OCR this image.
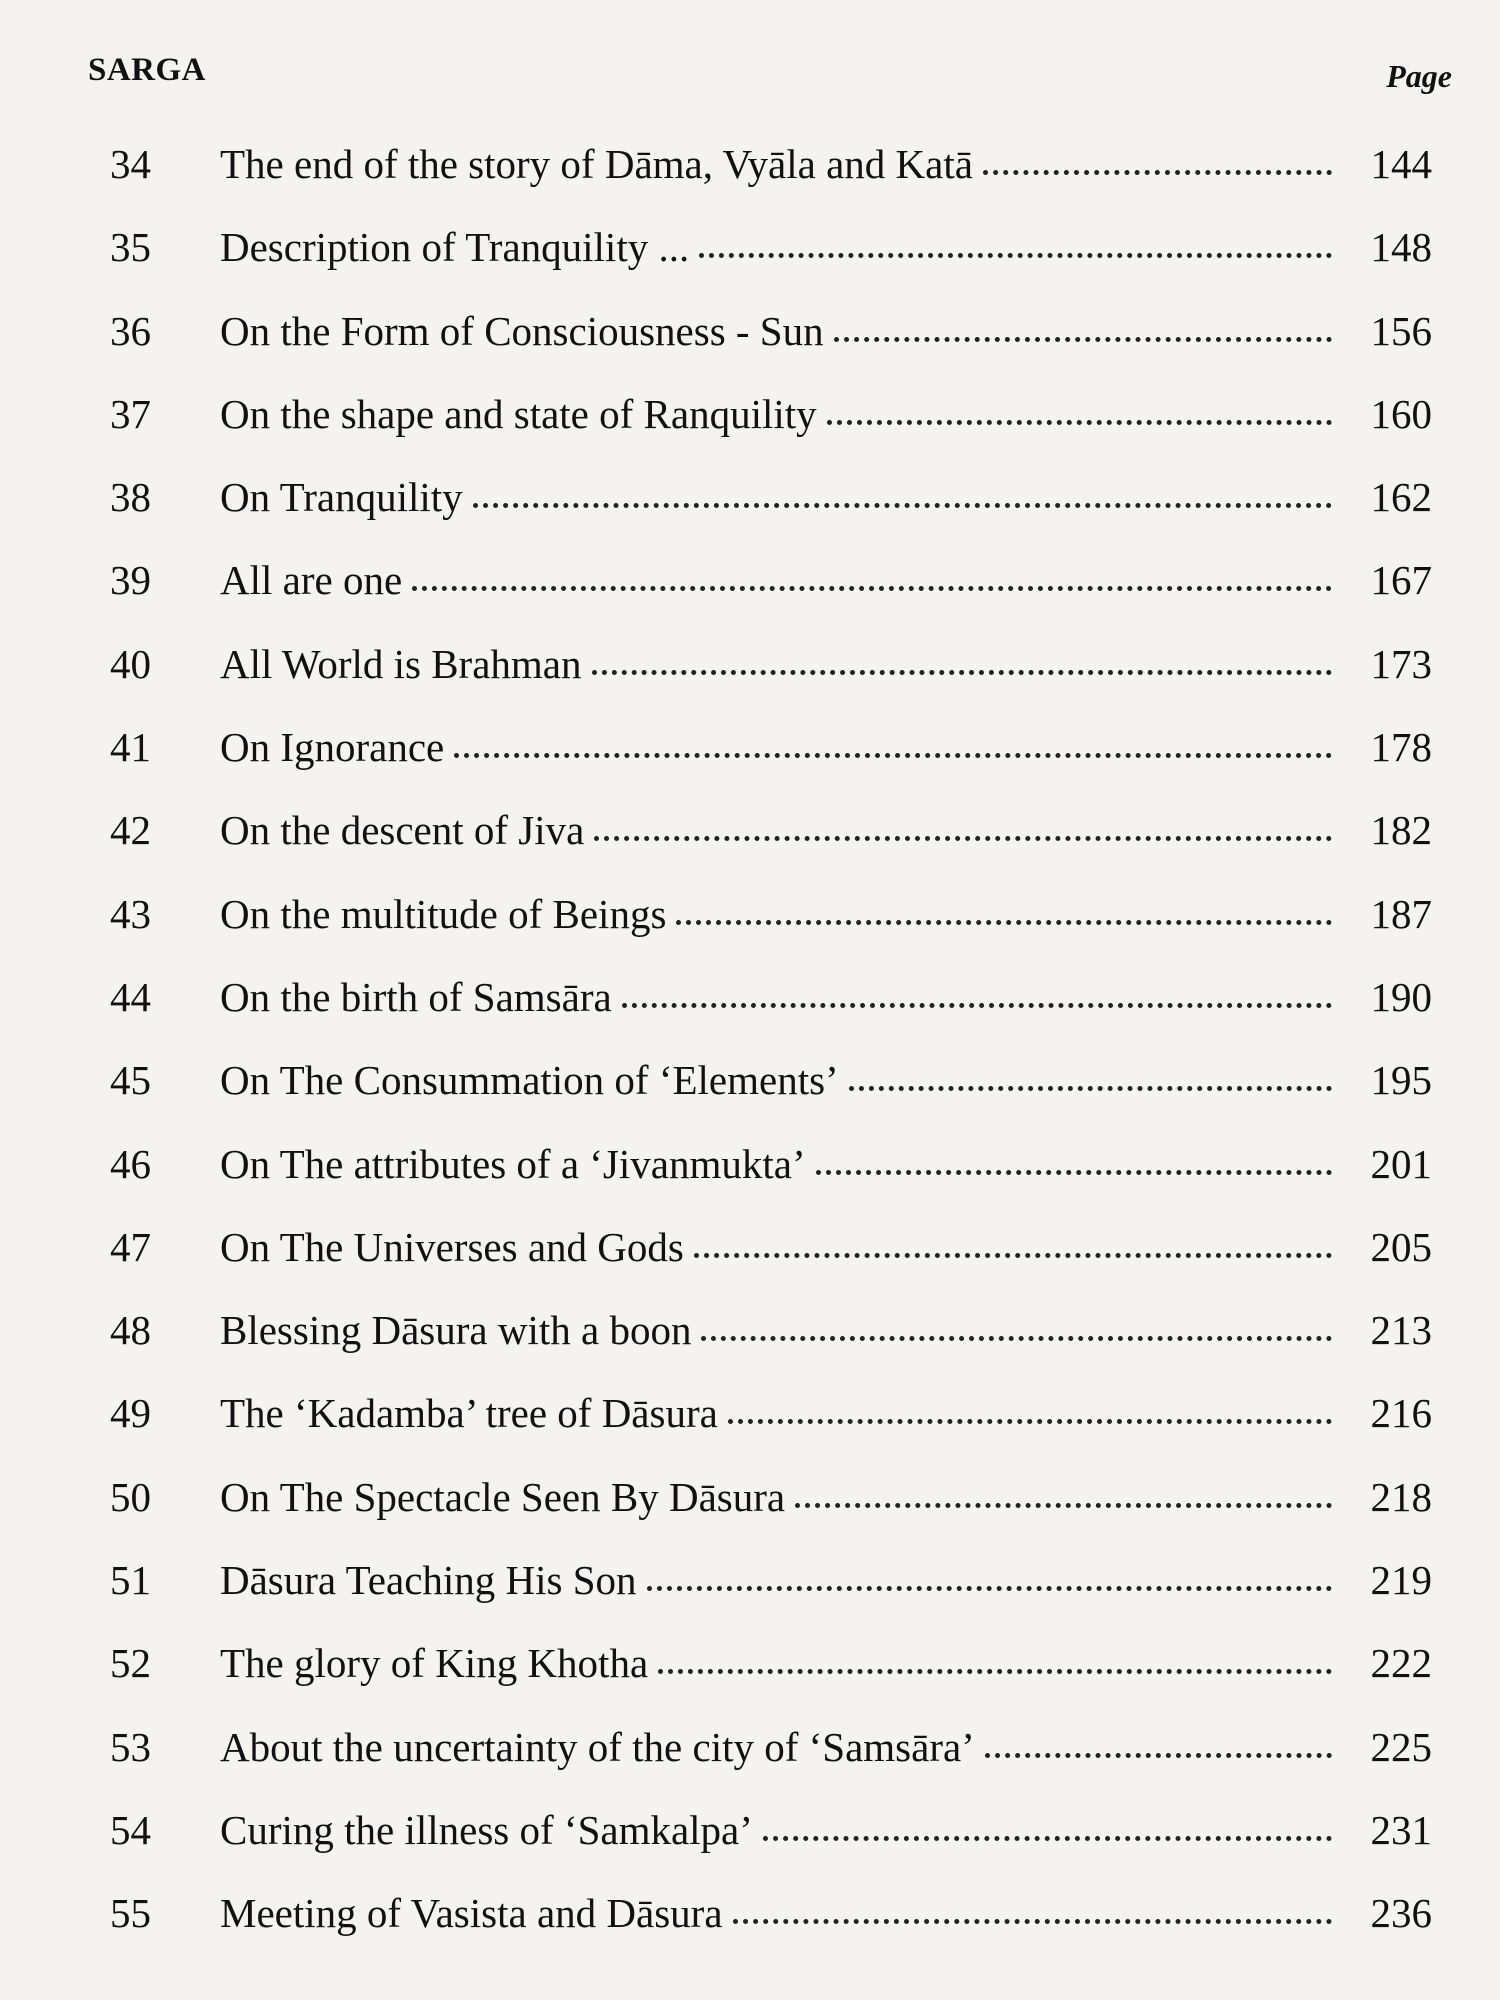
SARGA	Page
34	The end of the story of Dāma, Vyāla and Katā	144
35	Description of Tranquility ...	148
36	On the Form of Consciousness - Sun	156
37	On the shape and state of Ranquility	160
38	On Tranquility	162
39	All are one	167
40	All World is Brahman	173
41	On Ignorance	178
42	On the descent of Jiva	182
43	On the multitude of Beings	187
44	On the birth of Samsāra	190
45	On The Consummation of ‘Elements’	195
46	On The attributes of a ‘Jivanmukta’	201
47	On The Universes and Gods	205
48	Blessing Dāsura with a boon	213
49	The ‘Kadamba’ tree of Dāsura	216
50	On The Spectacle Seen By Dāsura	218
51	Dāsura Teaching His Son	219
52	The glory of King Khotha	222
53	About the uncertainty of the city of ‘Samsāra’	225
54	Curing the illness of ‘Samkalpa’	231
55	Meeting of Vasista and Dāsura	236
